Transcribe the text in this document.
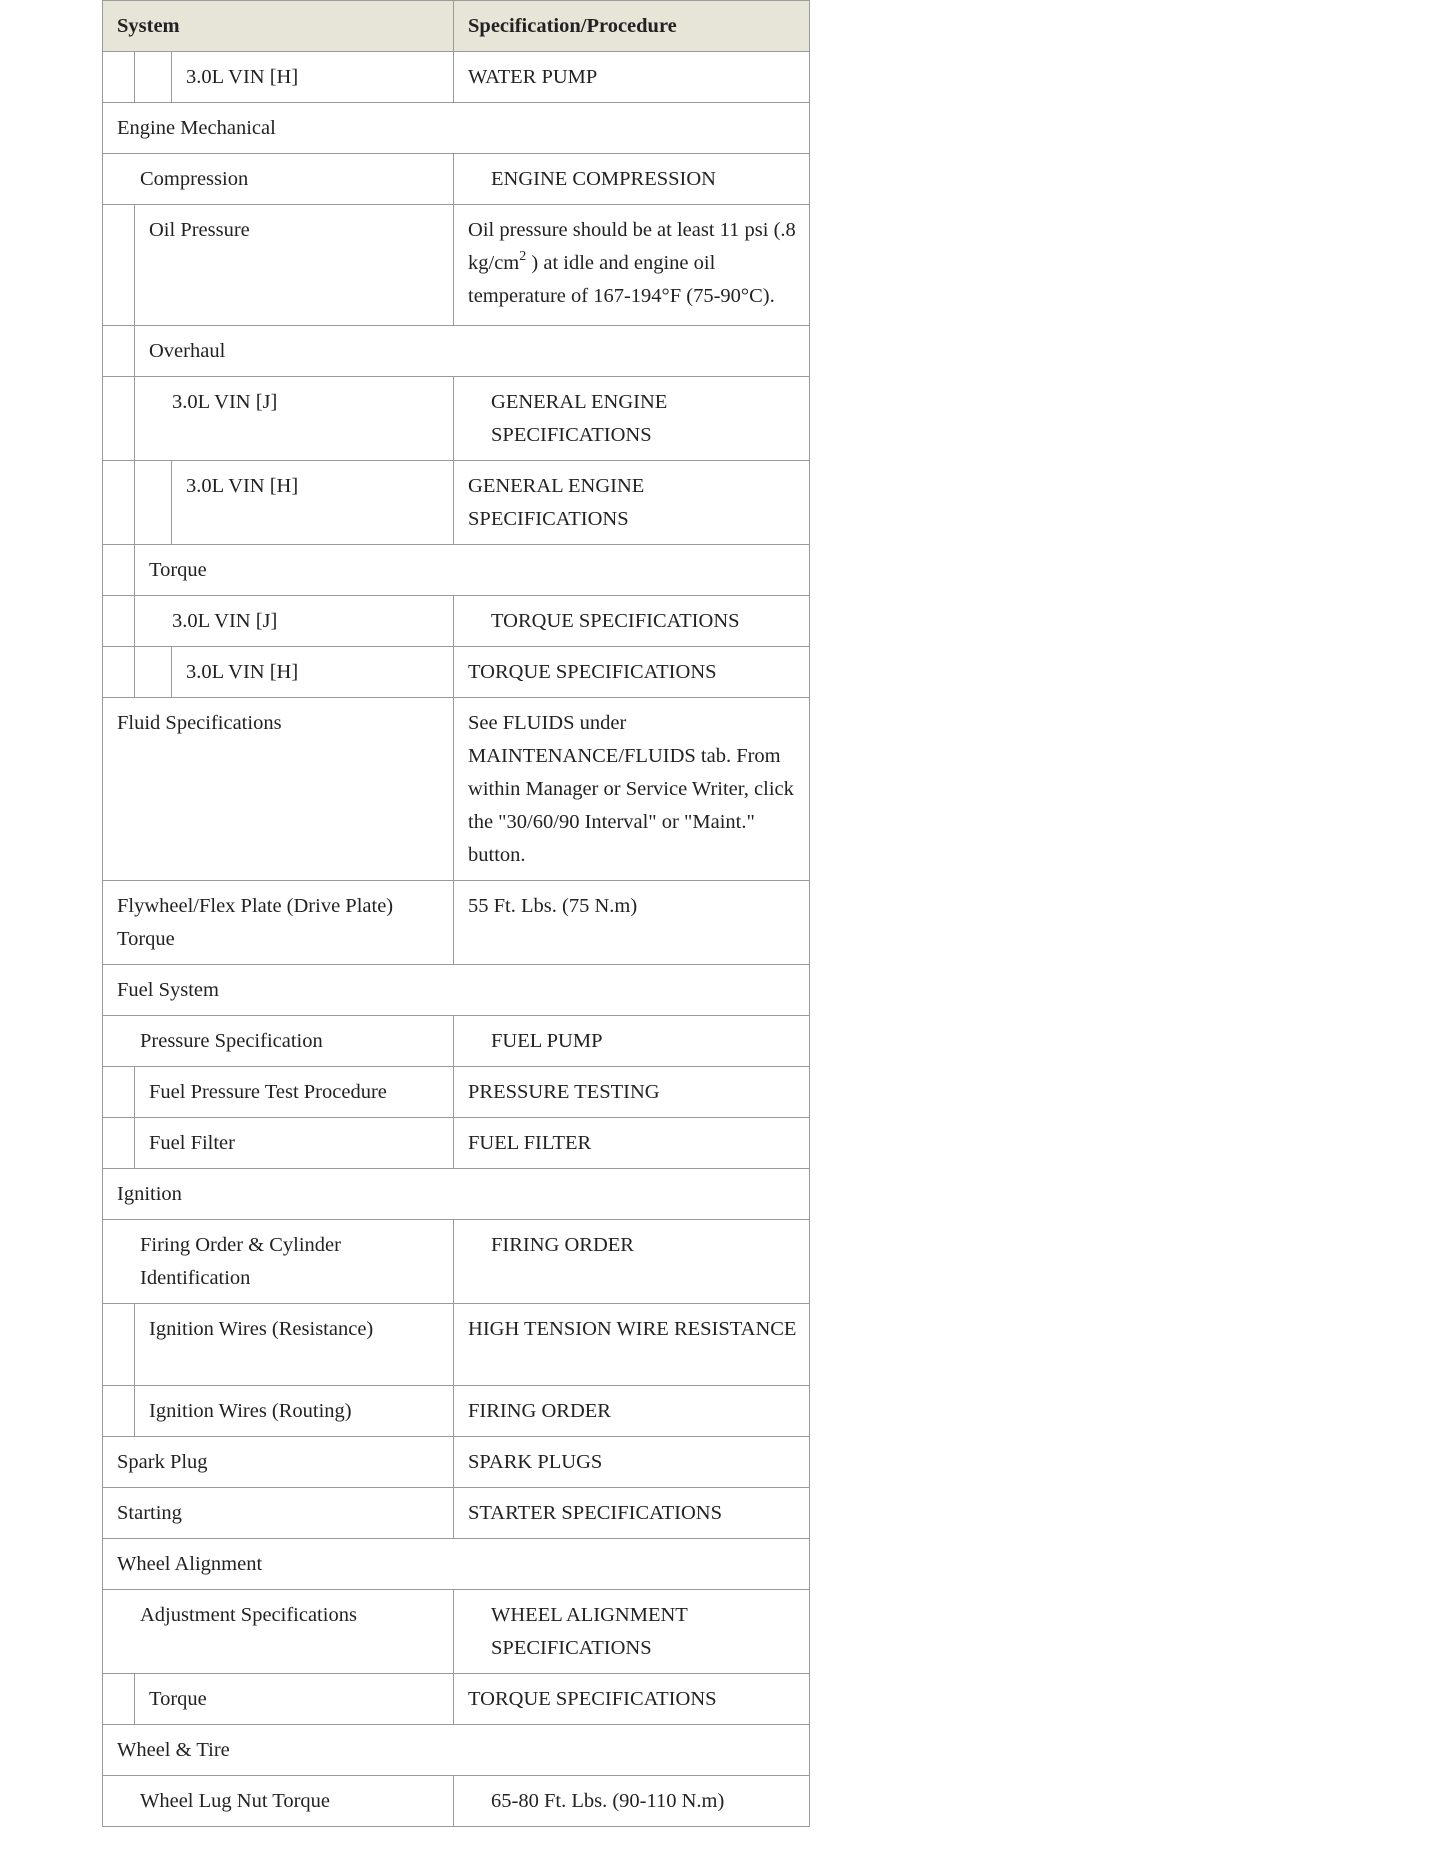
System			Specification/Procedure
		3.0L VIN [H]	WATER PUMP
Engine Mechanical			
Compression			ENGINE COMPRESSION
	Oil Pressure		Oil pressure should be at least 11 psi (.8 $kg/cm^2$ ) at idle and engine oil temperature of 167-194°F (75-90°C).
	Overhaul		
	3.0L VIN [J]		GENERAL ENGINE SPECIFICATIONS
		3.0L VIN [H]	GENERAL ENGINE SPECIFICATIONS
	Torque		
	3.0L VIN [J]		TORQUE SPECIFICATIONS
		3.0L VIN [H]	TORQUE SPECIFICATIONS
Fluid Specifications			See FLUIDS under MAINTENANCE/FLUIDS tab. From within Manager or Service Writer, click the "30/60/90 Interval" or "Maint." button.
Flywheel/Flex Plate (Drive Plate) Torque			55 Ft. Lbs. (75 N.m)
Fuel System			
Pressure Specification			FUEL PUMP
	Fuel Pressure Test Procedure		PRESSURE TESTING
	Fuel Filter		FUEL FILTER
Ignition			
Firing Order & Cylinder Identification			FIRING ORDER
	Ignition Wires (Resistance)		HIGH TENSION WIRE RESISTANCE
	Ignition Wires (Routing)		FIRING ORDER
Spark Plug			SPARK PLUGS
Starting			STARTER SPECIFICATIONS
Wheel Alignment			
Adjustment Specifications			WHEEL ALIGNMENT SPECIFICATIONS
	Torque		TORQUE SPECIFICATIONS
Wheel & Tire			
Wheel Lug Nut Torque			65-80 Ft. Lbs. (90-110 N.m)
